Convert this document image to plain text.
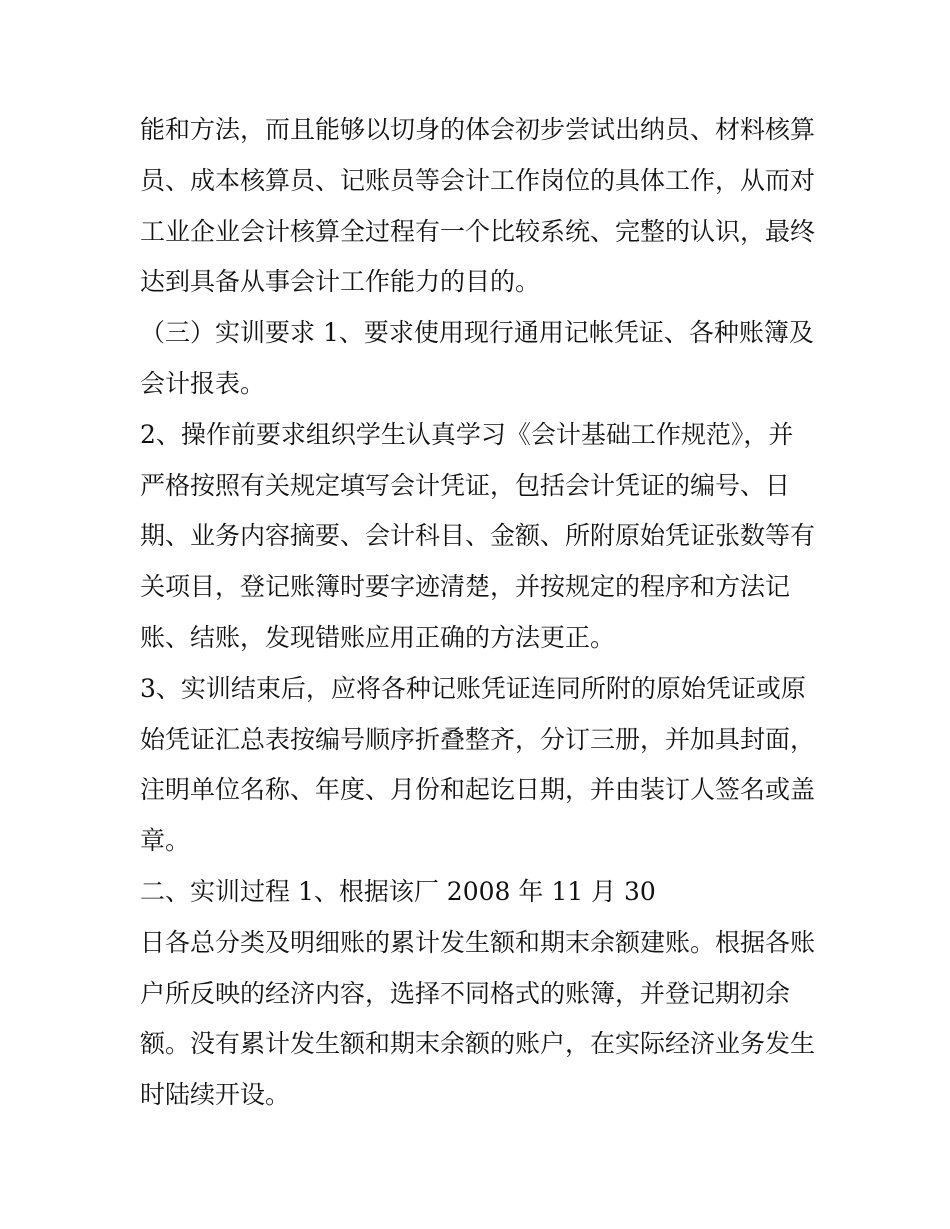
能和方法，而且能够以切身的体会初步尝试出纳员、材料核算
员、成本核算员、记账员等会计工作岗位的具体工作，从而对
工业企业会计核算全过程有一个比较系统、完整的认识，最终
达到具备从事会计工作能力的目的。
（三）实训要求 1、要求使用现行通用记帐凭证、各种账簿及
会计报表。
2、操作前要求组织学生认真学习《会计基础工作规范》，并
严格按照有关规定填写会计凭证，包括会计凭证的编号、日
期、业务内容摘要、会计科目、金额、所附原始凭证张数等有
关项目，登记账簿时要字迹清楚，并按规定的程序和方法记
账、结账，发现错账应用正确的方法更正。
3、实训结束后，应将各种记账凭证连同所附的原始凭证或原
始凭证汇总表按编号顺序折叠整齐，分订三册，并加具封面，
注明单位名称、年度、月份和起讫日期，并由装订人签名或盖
章。
二、实训过程 1、根据该厂 2008 年 11 月 30
日各总分类及明细账的累计发生额和期末余额建账。根据各账
户所反映的经济内容，选择不同格式的账簿，并登记期初余
额。没有累计发生额和期末余额的账户，在实际经济业务发生
时陆续开设。
